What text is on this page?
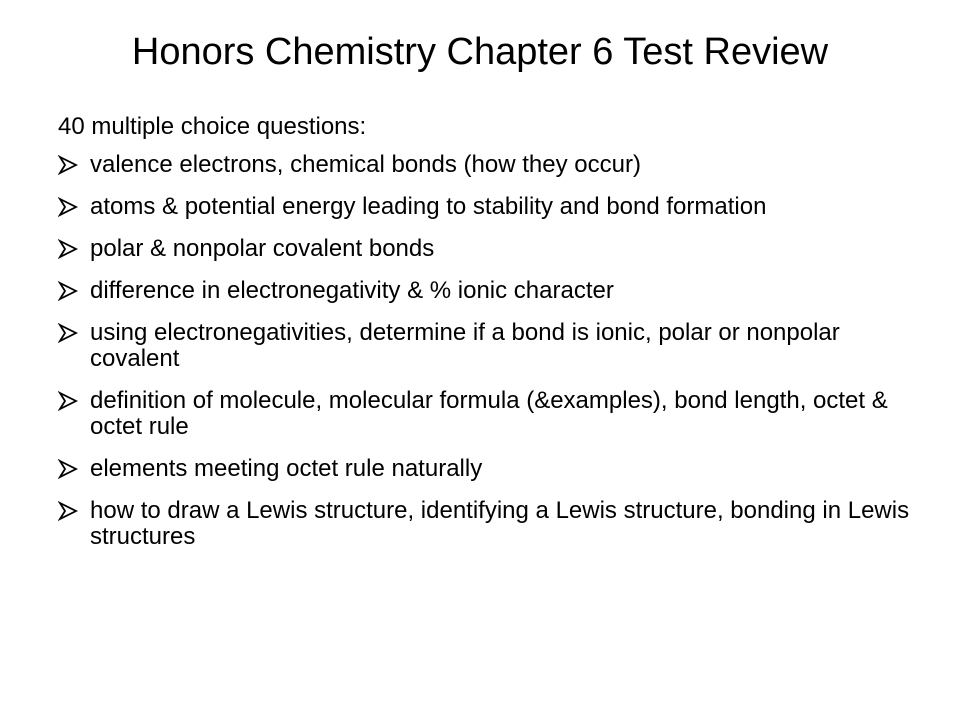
Honors Chemistry Chapter 6 Test Review

40 multiple choice questions:

valence electrons, chemical bonds (how they occur)
atoms & potential energy leading to stability and bond formation
polar & nonpolar covalent bonds
difference in electronegativity & % ionic character
using electronegativities, determine if a bond is ionic, polar or nonpolar covalent
definition of molecule, molecular formula (&examples), bond length, octet & octet rule
elements meeting octet rule naturally
how to draw a Lewis structure, identifying a Lewis structure, bonding in Lewis structures
